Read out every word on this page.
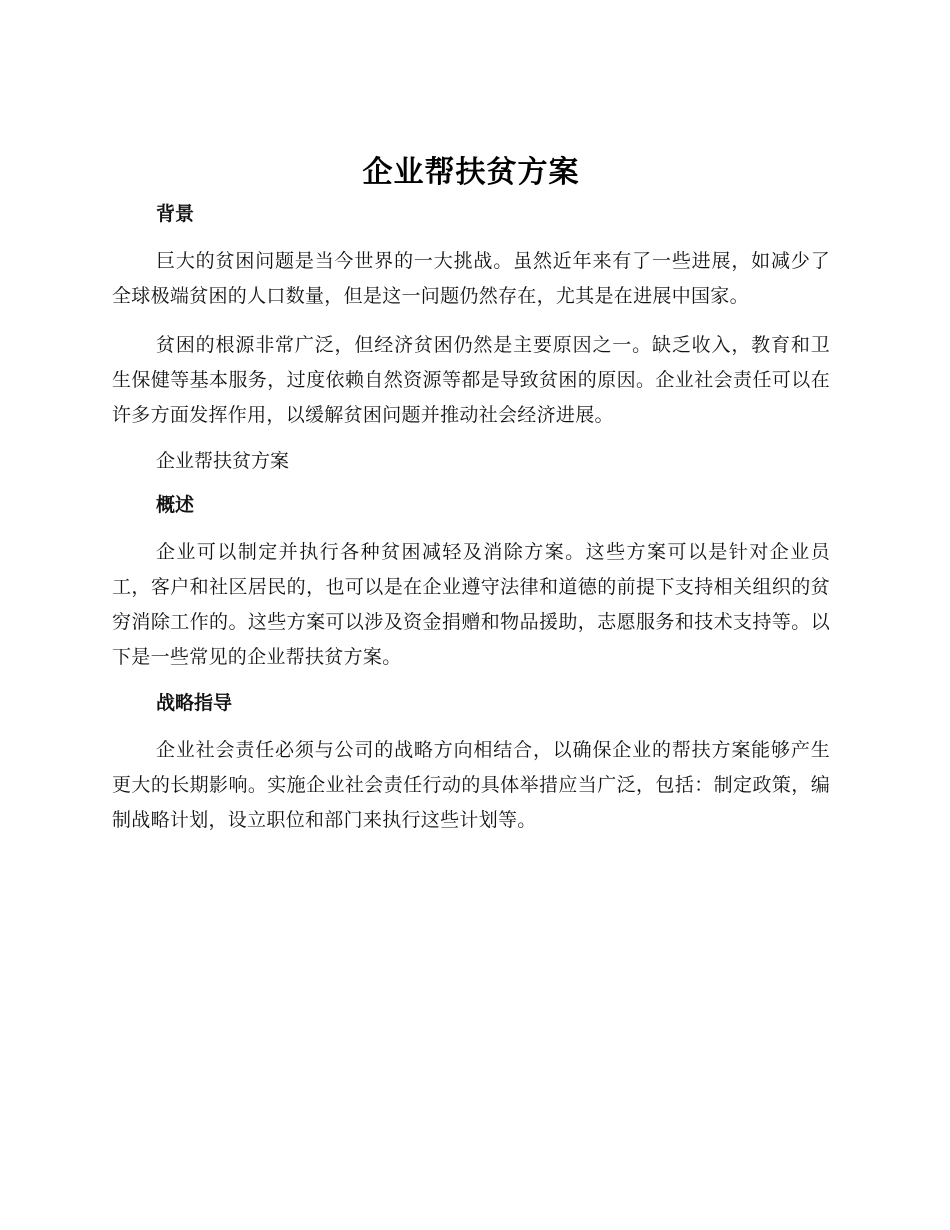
企业帮扶贫方案
背景

巨大的贫困问题是当今世界的一大挑战。虽然近年来有了一些进展，如减少了全球极端贫困的人口数量，但是这一问题仍然存在，尤其是在进展中国家。

贫困的根源非常广泛，但经济贫困仍然是主要原因之一。缺乏收入，教育和卫生保健等基本服务，过度依赖自然资源等都是导致贫困的原因。企业社会责任可以在许多方面发挥作用，以缓解贫困问题并推动社会经济进展。

企业帮扶贫方案
概述

企业可以制定并执行各种贫困减轻及消除方案。这些方案可以是针对企业员工，客户和社区居民的，也可以是在企业遵守法律和道德的前提下支持相关组织的贫穷消除工作的。这些方案可以涉及资金捐赠和物品援助，志愿服务和技术支持等。以下是一些常见的企业帮扶贫方案。

战略指导

企业社会责任必须与公司的战略方向相结合，以确保企业的帮扶方案能够产生更大的长期影响。实施企业社会责任行动的具体举措应当广泛，包括：制定政策，编制战略计划，设立职位和部门来执行这些计划等。
